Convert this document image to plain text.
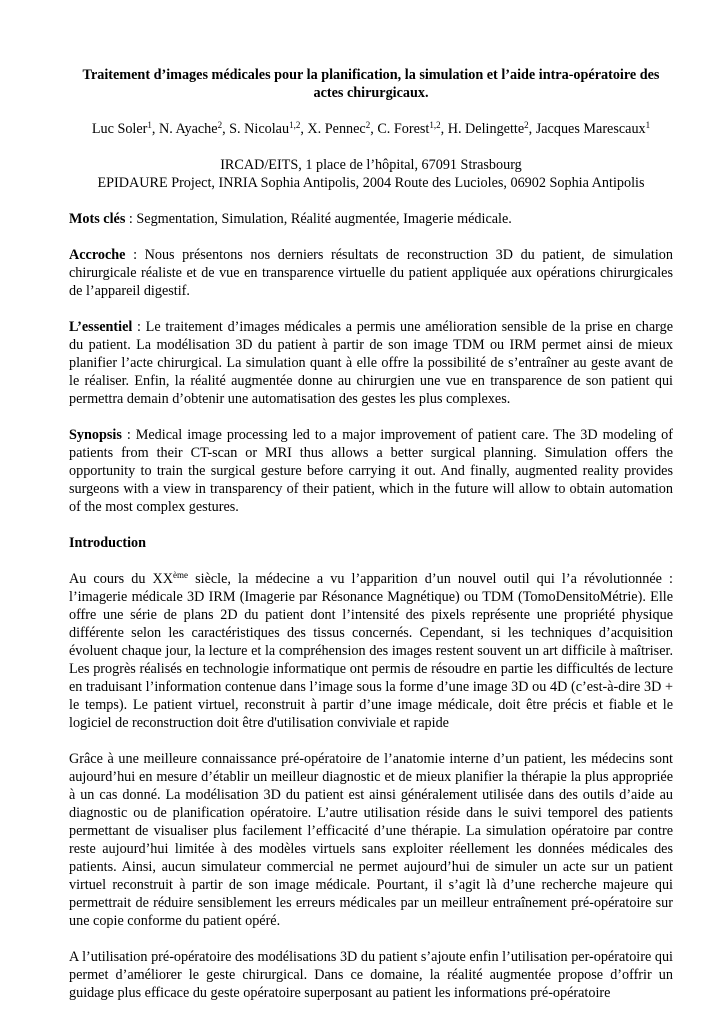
Traitement d’images médicales pour la planification, la simulation et l’aide intra-opératoire des actes chirurgicaux.

Luc Soler$^1$, N. Ayache$^2$, S. Nicolau$^{1,2}$, X. Pennec$^2$, C. Forest$^{1,2}$, H. Delingette$^2$, Jacques Marescaux$^1$

IRCAD/EITS, 1 place de l’hôpital, 67091 Strasbourg

EPIDAURE Project, INRIA Sophia Antipolis, 2004 Route des Lucioles, 06902 Sophia Antipolis

Mots clés : Segmentation, Simulation, Réalité augmentée, Imagerie médicale.

Accroche : Nous présentons nos derniers résultats de reconstruction 3D du patient, de simulation chirurgicale réaliste et de vue en transparence virtuelle du patient appliquée aux opérations chirurgicales de l’appareil digestif.

L’essentiel : Le traitement d’images médicales a permis une amélioration sensible de la prise en charge du patient. La modélisation 3D du patient à partir de son image TDM ou IRM permet ainsi de mieux planifier l’acte chirurgical. La simulation quant à elle offre la possibilité de s’entraîner au geste avant de le réaliser. Enfin, la réalité augmentée donne au chirurgien une vue en transparence de son patient qui permettra demain d’obtenir une automatisation des gestes les plus complexes.

Synopsis : Medical image processing led to a major improvement of patient care. The 3D modeling of patients from their CT-scan or MRI thus allows a better surgical planning. Simulation offers the opportunity to train the surgical gesture before carrying it out. And finally, augmented reality provides surgeons with a view in transparency of their patient, which in the future will allow to obtain automation of the most complex gestures.

Introduction

Au cours du XXème siècle, la médecine a vu l’apparition d’un nouvel outil qui l’a révolutionnée : l’imagerie médicale 3D IRM (Imagerie par Résonance Magnétique) ou TDM (TomoDensitoMétrie). Elle offre une série de plans 2D du patient dont l’intensité des pixels représente une propriété physique différente selon les caractéristiques des tissus concernés. Cependant, si les techniques d’acquisition évoluent chaque jour, la lecture et la compréhension des images restent souvent un art difficile à maîtriser. Les progrès réalisés en technologie informatique ont permis de résoudre en partie les difficultés de lecture en traduisant l’information contenue dans l’image sous la forme d’une image 3D ou 4D (c’est-à-dire 3D + le temps). Le patient virtuel, reconstruit à partir d’une image médicale, doit être précis et fiable et le logiciel de reconstruction doit être d'utilisation conviviale et rapide

Grâce à une meilleure connaissance pré-opératoire de l’anatomie interne d’un patient, les médecins sont aujourd’hui en mesure d’établir un meilleur diagnostic et de mieux planifier la thérapie la plus appropriée à un cas donné. La modélisation 3D du patient est ainsi généralement utilisée dans des outils d’aide au diagnostic ou de planification opératoire. L’autre utilisation réside dans le suivi temporel des patients permettant de visualiser plus facilement l’efficacité d’une thérapie. La simulation opératoire par contre reste aujourd’hui limitée à des modèles virtuels sans exploiter réellement les données médicales des patients. Ainsi, aucun simulateur commercial ne permet aujourd’hui de simuler un acte sur un patient virtuel reconstruit à partir de son image médicale. Pourtant, il s’agit là d’une recherche majeure qui permettrait de réduire sensiblement les erreurs médicales par un meilleur entraînement pré-opératoire sur une copie conforme du patient opéré.

A l’utilisation pré-opératoire des modélisations 3D du patient s’ajoute enfin l’utilisation per-opératoire qui permet d’améliorer le geste chirurgical. Dans ce domaine, la réalité augmentée propose d’offrir un guidage plus efficace du geste opératoire superposant au patient les informations pré-opératoire
